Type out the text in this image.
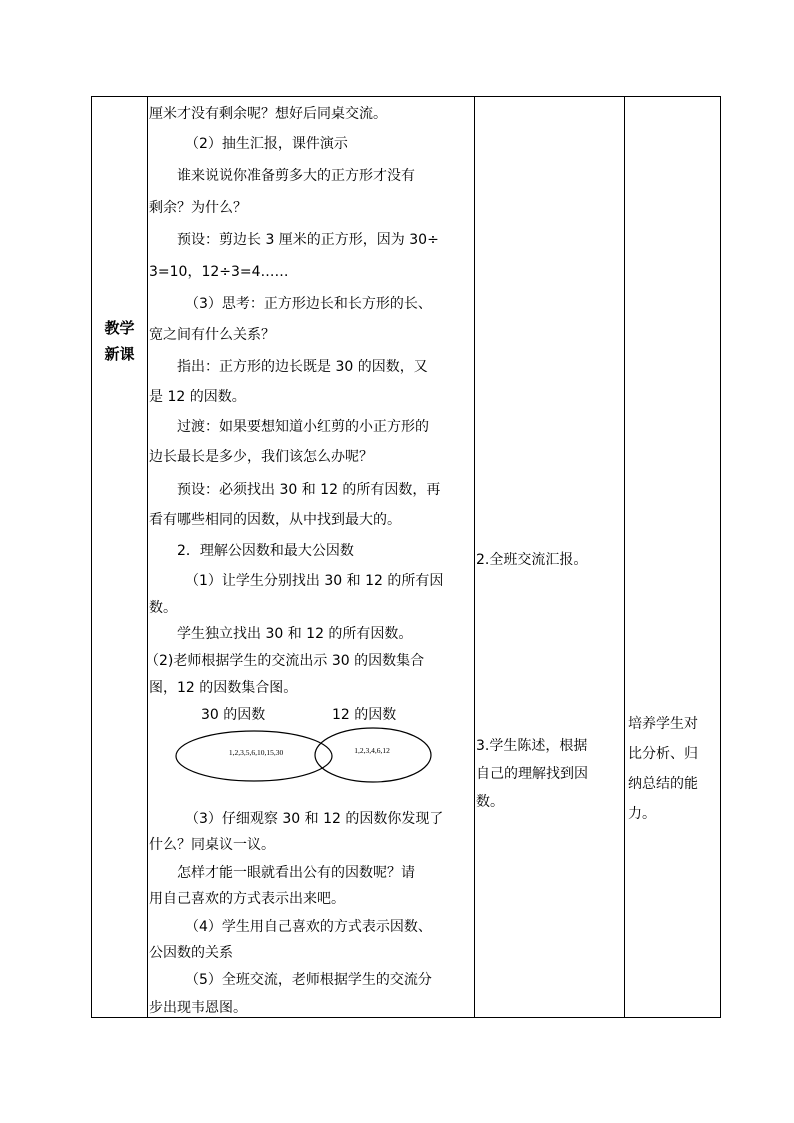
教学
新课
厘米才没有剩余呢？想好后同桌交流。
（2）抽生汇报，课件演示
谁来说说你准备剪多大的正方形才没有
剩余？为什么？
预设：剪边长 3 厘米的正方形，因为 30÷
3=10，12÷3=4……
（3）思考：正方形边长和长方形的长、
宽之间有什么关系？
指出：正方形的边长既是 30 的因数，又
是 12 的因数。
过渡：如果要想知道小红剪的小正方形的
边长最长是多少，我们该怎么办呢？
预设：必须找出 30 和 12 的所有因数，再
看有哪些相同的因数，从中找到最大的。
2．理解公因数和最大公因数
（1）让学生分别找出 30 和 12 的所有因
数。
学生独立找出 30 和 12 的所有因数。
（2)老师根据学生的交流出示 30 的因数集合
图，12 的因数集合图。
30 的因数	12 的因数
1,2,3,5,6,10,15,30	1,2,3,4,6,12
（3）仔细观察 30 和 12 的因数你发现了
什么？同桌议一议。
怎样才能一眼就看出公有的因数呢？请
用自己喜欢的方式表示出来吧。
（4）学生用自己喜欢的方式表示因数、
公因数的关系
（5）全班交流，老师根据学生的交流分
步出现韦恩图。
2.全班交流汇报。
3.学生陈述，根据
自己的理解找到因
数。
培养学生对
比分析、归
纳总结的能
力。
